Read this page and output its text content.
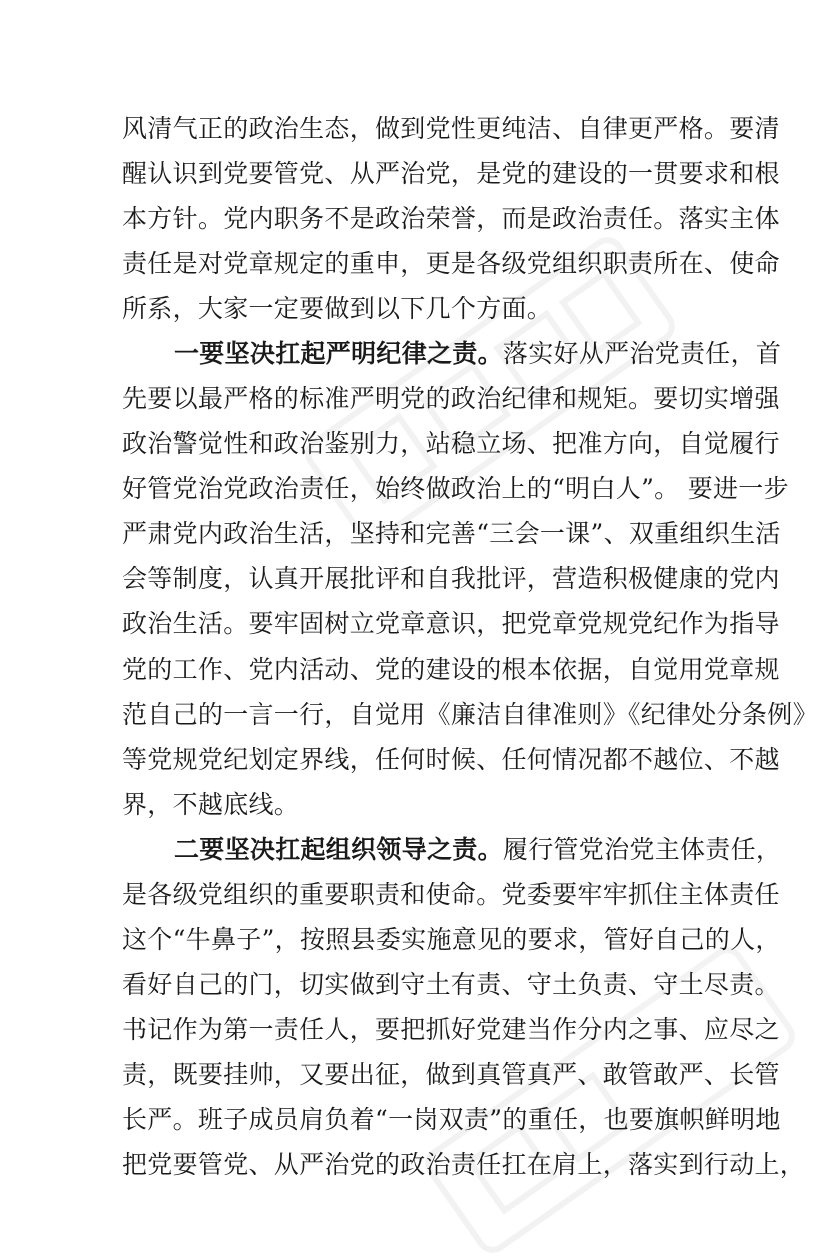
风清气正的政治生态，做到党性更纯洁、自律更严格。要清
醒认识到党要管党、从严治党，是党的建设的一贯要求和根
本方针。党内职务不是政治荣誉，而是政治责任。落实主体
责任是对党章规定的重申，更是各级党组织职责所在、使命
所系，大家一定要做到以下几个方面。
一要坚决扛起严明纪律之责。落实好从严治党责任，首
先要以最严格的标准严明党的政治纪律和规矩。要切实增强
政治警觉性和政治鉴别力，站稳立场、把准方向，自觉履行
好管党治党政治责任，始终做政治上的“明白人”。 要进一步
严肃党内政治生活，坚持和完善“三会一课”、双重组织生活
会等制度，认真开展批评和自我批评，营造积极健康的党内
政治生活。要牢固树立党章意识，把党章党规党纪作为指导
党的工作、党内活动、党的建设的根本依据，自觉用党章规
范自己的一言一行，自觉用《廉洁自律准则》《纪律处分条例》
等党规党纪划定界线，任何时候、任何情况都不越位、不越
界，不越底线。
二要坚决扛起组织领导之责。履行管党治党主体责任，
是各级党组织的重要职责和使命。党委要牢牢抓住主体责任
这个“牛鼻子”，按照县委实施意见的要求，管好自己的人，
看好自己的门，切实做到守土有责、守土负责、守土尽责。
书记作为第一责任人，要把抓好党建当作分内之事、应尽之
责，既要挂帅，又要出征，做到真管真严、敢管敢严、长管
长严。班子成员肩负着“一岗双责”的重任，也要旗帜鲜明地
把党要管党、从严治党的政治责任扛在肩上，落实到行动上，
